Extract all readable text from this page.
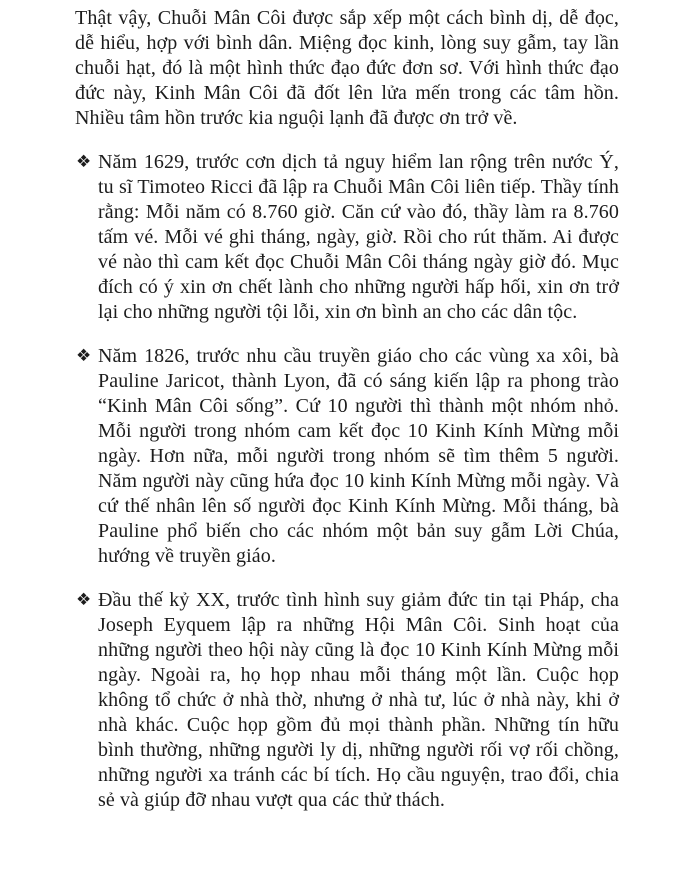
Thật vậy, Chuỗi Mân Côi được sắp xếp một cách bình dị, dễ đọc, dễ hiểu, hợp với bình dân. Miệng đọc kinh, lòng suy gẫm, tay lần chuỗi hạt, đó là một hình thức đạo đức đơn sơ. Với hình thức đạo đức này, Kinh Mân Côi đã đốt lên lửa mến trong các tâm hồn. Nhiều tâm hồn trước kia nguội lạnh đã được ơn trở về.

❖ Năm 1629, trước cơn dịch tả nguy hiểm lan rộng trên nước Ý, tu sĩ Timoteo Ricci đã lập ra Chuỗi Mân Côi liên tiếp. Thầy tính rằng: Mỗi năm có 8.760 giờ. Căn cứ vào đó, thầy làm ra 8.760 tấm vé. Mỗi vé ghi tháng, ngày, giờ. Rồi cho rút thăm. Ai được vé nào thì cam kết đọc Chuỗi Mân Côi tháng ngày giờ đó. Mục đích có ý xin ơn chết lành cho những người hấp hối, xin ơn trở lại cho những người tội lỗi, xin ơn bình an cho các dân tộc.

❖ Năm 1826, trước nhu cầu truyền giáo cho các vùng xa xôi, bà Pauline Jaricot, thành Lyon, đã có sáng kiến lập ra phong trào “Kinh Mân Côi sống”. Cứ 10 người thì thành một nhóm nhỏ. Mỗi người trong nhóm cam kết đọc 10 Kinh Kính Mừng mỗi ngày. Hơn nữa, mỗi người trong nhóm sẽ tìm thêm 5 người. Năm người này cũng hứa đọc 10 kinh Kính Mừng mỗi ngày. Và cứ thế nhân lên số người đọc Kinh Kính Mừng. Mỗi tháng, bà Pauline phổ biến cho các nhóm một bản suy gẫm Lời Chúa, hướng về truyền giáo.

❖ Đầu thế kỷ XX, trước tình hình suy giảm đức tin tại Pháp, cha Joseph Eyquem lập ra những Hội Mân Côi. Sinh hoạt của những người theo hội này cũng là đọc 10 Kinh Kính Mừng mỗi ngày. Ngoài ra, họ họp nhau mỗi tháng một lần. Cuộc họp không tổ chức ở nhà thờ, nhưng ở nhà tư, lúc ở nhà này, khi ở nhà khác. Cuộc họp gồm đủ mọi thành phần. Những tín hữu bình thường, những người ly dị, những người rối vợ rối chồng, những người xa tránh các bí tích. Họ cầu nguyện, trao đổi, chia sẻ và giúp đỡ nhau vượt qua các thử thách.
